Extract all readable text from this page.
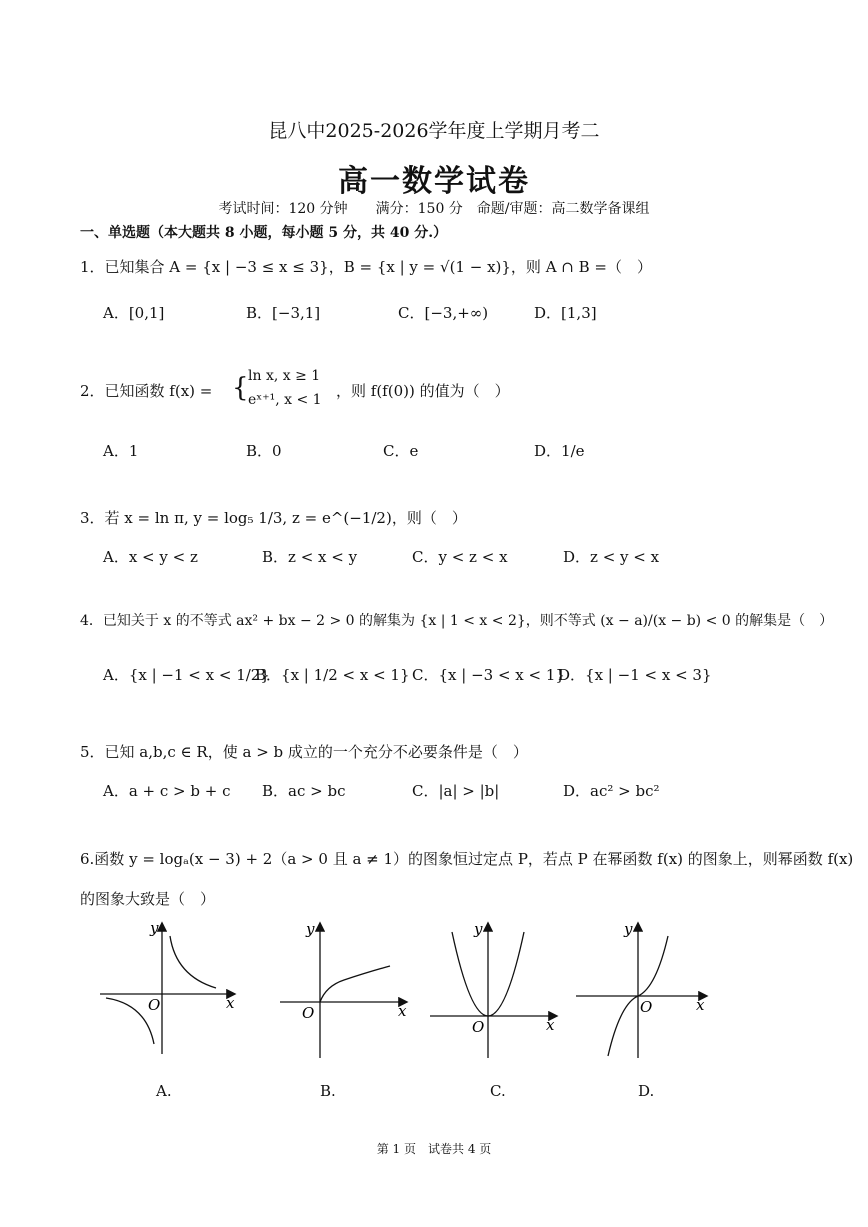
昆八中2025-2026学年度上学期月考二
高一数学试卷
考试时间：120 分钟　　满分：150 分　命题/审题：高二数学备课组
一、单选题（本大题共 8 小题，每小题 5 分，共 40 分.）
1．已知集合 A = {x | −3 ≤ x ≤ 3}，B = {x | y = √(1 − x)}，则 A ∩ B =（　）
A．[0,1]	B．[−3,1]	C．[−3,+∞)	D．[1,3]
2．已知函数 f(x) = { ln x, x ≥ 1
eˣ⁺¹, x < 1 ，则 f(f(0)) 的值为（　）
A．1	B．0	C．e	D．1/e
3．若 x = ln π, y = log₅ 1/3, z = e^(−1/2)，则（　）
A．x < y < z	B．z < x < y	C．y < z < x	D．z < y < x
4．已知关于 x 的不等式 ax² + bx − 2 > 0 的解集为 {x | 1 < x < 2}，则不等式 (x − a)/(x − b) < 0 的解集是（　）
A．{x | −1 < x < 1/2}
B．{x | 1/2 < x < 1} C．{x | −3 < x < 1}
D．{x | −1 < x < 3}
5．已知 a,b,c ∈ R，使 a > b 成立的一个充分不必要条件是（　）
A．a + c > b + c B．ac > bc	C．|a| > |b|	D．ac² > bc²
6.函数 y = logₐ(x − 3) + 2（a > 0 且 a ≠ 1）的图象恒过定点 P，若点 P 在幂函数 f(x) 的图象上，则幂函数 f(x)
的图象大致是（　）
y
x
O
y
x
O
y
x
O
y
x
O
A.	B.	C.	D.
第 1 页　试卷共 4 页
